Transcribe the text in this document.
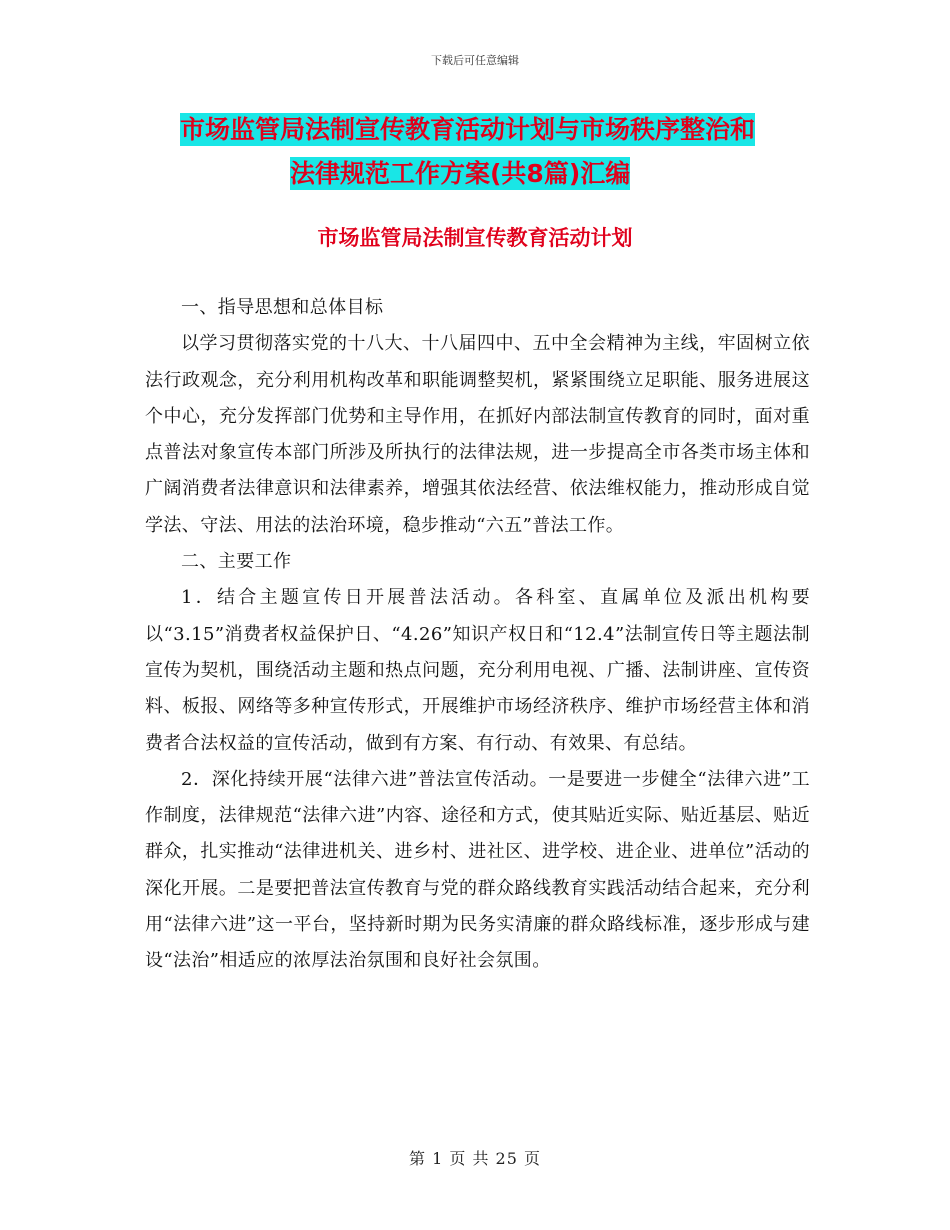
下载后可任意编辑
市场监管局法制宣传教育活动计划与市场秩序整治和
法律规范工作方案(共8篇)汇编
市场监管局法制宣传教育活动计划

一、指导思想和总体目标

以学习贯彻落实党的十八大、十八届四中、五中全会精神为主线，牢固树立依法行政观念，充分利用机构改革和职能调整契机，紧紧围绕立足职能、服务进展这个中心，充分发挥部门优势和主导作用，在抓好内部法制宣传教育的同时，面对重点普法对象宣传本部门所涉及所执行的法律法规，进一步提高全市各类市场主体和广阔消费者法律意识和法律素养，增强其依法经营、依法维权能力，推动形成自觉学法、守法、用法的法治环境，稳步推动“六五”普法工作。

二、主要工作

1．结合主题宣传日开展普法活动。各科室、直属单位及派出机构要以“3.15”消费者权益保护日、“4.26”知识产权日和“12.4”法制宣传日等主题法制宣传为契机，围绕活动主题和热点问题，充分利用电视、广播、法制讲座、宣传资料、板报、网络等多种宣传形式，开展维护市场经济秩序、维护市场经营主体和消费者合法权益的宣传活动，做到有方案、有行动、有效果、有总结。

2．深化持续开展“法律六进”普法宣传活动。一是要进一步健全“法律六进”工作制度，法律规范“法律六进”内容、途径和方式，使其贴近实际、贴近基层、贴近群众，扎实推动“法律进机关、进乡村、进社区、进学校、进企业、进单位”活动的深化开展。二是要把普法宣传教育与党的群众路线教育实践活动结合起来，充分利用“法律六进”这一平台，坚持新时期为民务实清廉的群众路线标准，逐步形成与建设“法治”相适应的浓厚法治氛围和良好社会氛围。

第 1 页 共 25 页
